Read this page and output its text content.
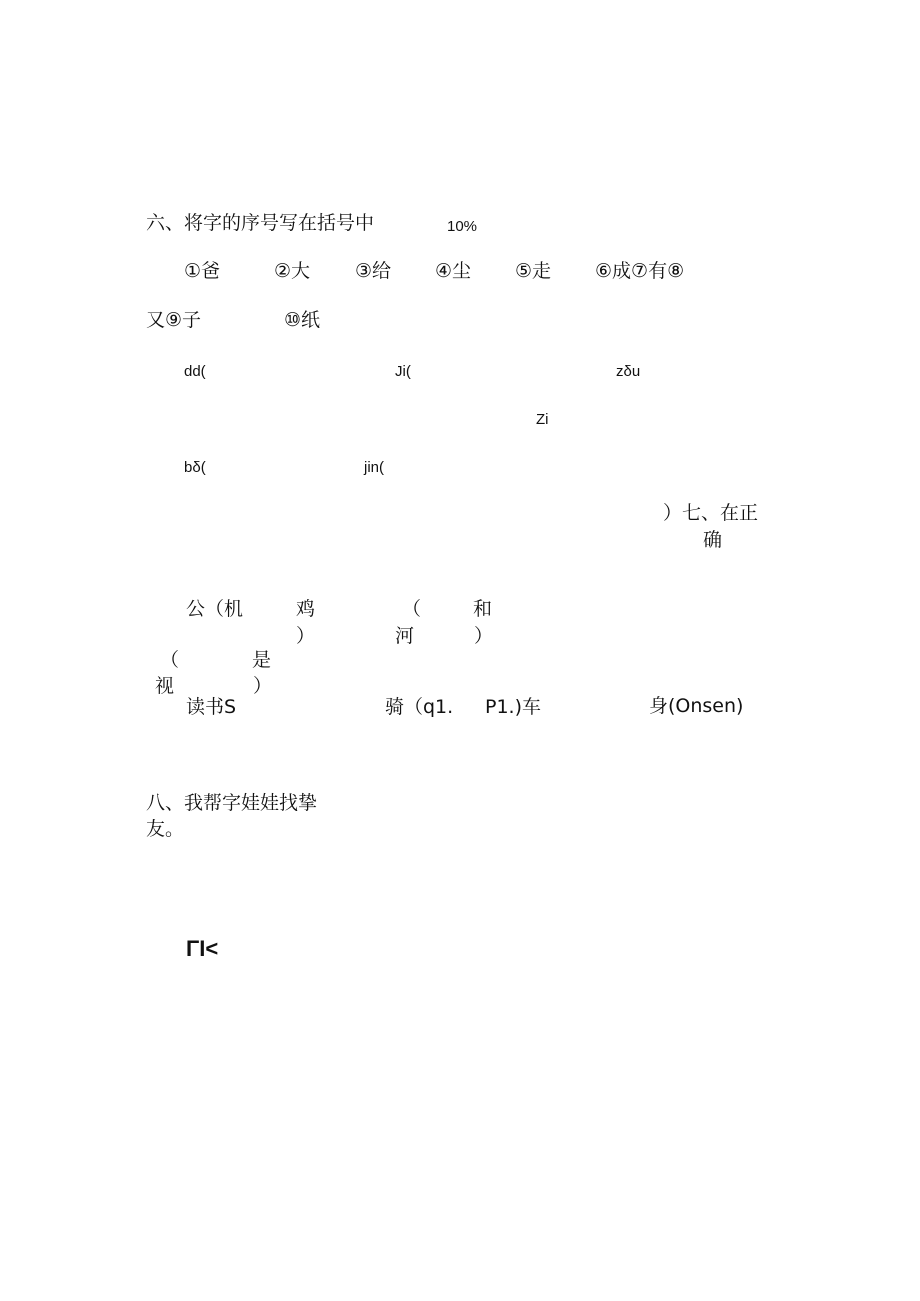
六、将字的序号写在括号中	10%
①爸	②大 ③给 ④尘 ⑤走 ⑥成⑦有⑧
又⑨子	⑩纸
dd(	Ji(	zδu
Zi
bδ(	jin(
）七、在正
确
公（机	鸡	（	和
）	河	）
（	是
视	）
读书S	骑（q1. P1.)车	身(Onsen)
八、我帮字娃娃找挚
友。
ΓΙ<
